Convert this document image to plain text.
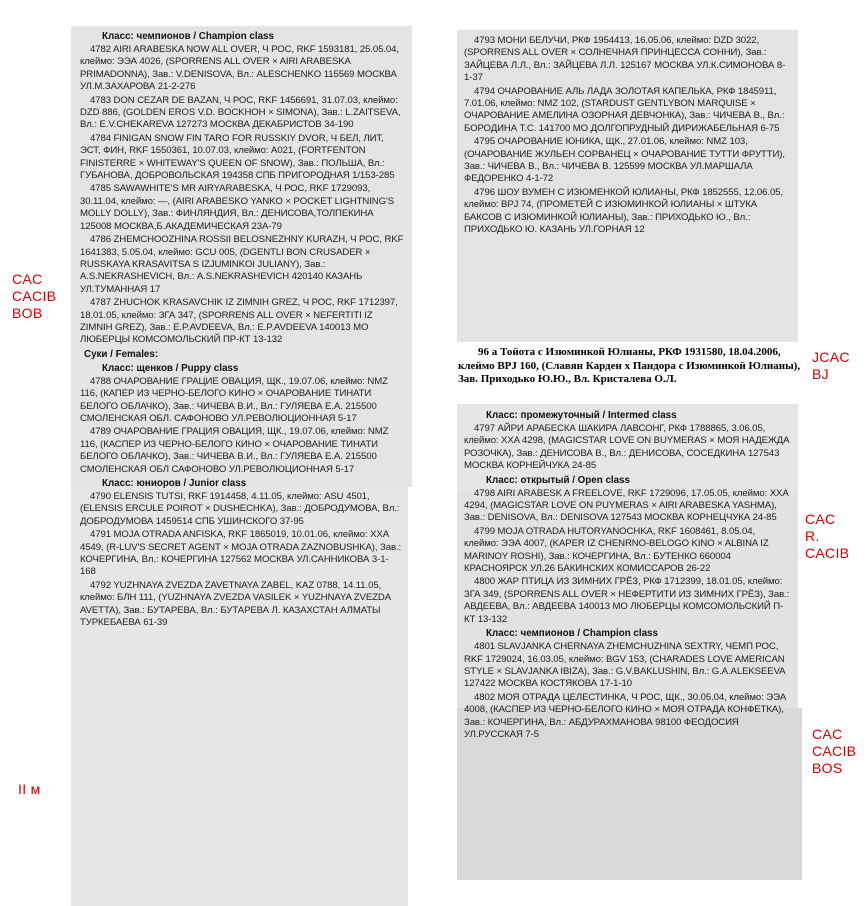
Класс: чемпионов / Champion class
4782 AIRI ARABESKA NOW ALL OVER, Ч РОС, RKF 1593181, 25.05.04, клеймо: ЭЭА 4026, (SPORRENS ALL OVER × AIRI ARABESKA PRIMADONNA), Зав.: V.DENISOVA, Вл.: ALESCHENKO 115569 МОСКВА УЛ.М.ЗАХАРОВА 21-2-276
4783 DON CEZAR DE BAZAN, Ч РОС, RKF 1456691, 31.07.03, клеймо: DZD 886, (GOLDEN EROS V.D. BOCKHOH × SIMONA), Зав.: L.ZAITSEVA, Вл.: E.V.CHEKAREVA 127273 МОСКВА ДЕКАБРИСТОВ 34-190
4784 FINIGAN SNOW FIN TARO FOR RUSSKIY DVOR, Ч БЕЛ, ЛИТ, ЭСТ, ФИН, RKF 1550361, 10.07.03, клеймо: A021, (FORTFENTON FINISTERRE × WHITEWAY'S QUEEN OF SNOW), Зав.: ПОЛЬША, Вл.: ГУБАНОВА, ДОБРОВОЛЬСКАЯ 194358 СПБ ПРИГОРОДНАЯ 1/153-285
4785 SAWAWHITE'S MR AIRYARABESKA, Ч РОС, RKF 1729093, 30.11.04, клеймо: —, (AIRI ARABESKO YANKO × POCKET LIGHTNING'S MOLLY DOLLY), Зав.: ФИНЛЯНДИЯ, Вл.: ДЕНИСОВА,ТОЛПЕКИНА 125008 МОСКВА,Б.АКАДЕМИЧЕСКАЯ 23А-79
4786 ZHEMCHOOZHINA ROSSII BELOSNEZHNY KURAZH, Ч РОС, RKF 1641383, 5.05.04, клеймо: GCU 005, (DGENTLI BON CRUSADER × RUSSKAYA KRASAVITSA S IZJUMINKOI JULIANY), Зав.: A.S.NEKRASHEVICH, Вл.: A.S.NEKRASHEVICH 420140 КАЗАНЬ УЛ.ТУМАННАЯ 17
4787 ZHUCHOK KRASAVCHIK IZ ZIMNIH GREZ, Ч РОС, RKF 1712397, 18.01.05, клеймо: ЗГА 347, (SPORRENS ALL OVER × NEFERTITI IZ ZIMNIH GREZ), Зав.: E.P.AVDEEVA, Вл.: E.P.AVDEEVA 140013 МО ЛЮБЕРЦЫ КОМСОМОЛЬСКИЙ ПР-КТ 13-132
Суки / Females:
Класс: щенков / Puppy class
4788 ОЧАРОВАНИЕ ГРАЦИЕ ОВАЦИЯ, ЩК., 19.07.06, клеймо: NMZ 116, (КАПЕР ИЗ ЧЕРНО-БЕЛОГО КИНО × ОЧАРОВАНИЕ ТИНАТИ БЕЛОГО ОБЛАЧКО), Зав.: ЧИЧЕВА В.И., Вл.: ГУЛЯЕВА Е.А. 215500 СМОЛЕНСКАЯ ОБЛ. САФОНОВО УЛ.РЕВОЛЮЦИОННАЯ 5-17
4789 ОЧАРОВАНИЕ ГРАЦИЯ ОВАЦИЯ, ЩК., 19.07.06, клеймо: NMZ 116, (КАСПЕР ИЗ ЧЕРНО-БЕЛОГО КИНО × ОЧАРОВАНИЕ ТИНАТИ БЕЛОГО ОБЛАЧКО), Зав.: ЧИЧЕВА В.И., Вл.: ГУЛЯЕВА Е.А. 215500 СМОЛЕНСКАЯ ОБЛ САФОНОВО УЛ.РЕВОЛЮЦИОННАЯ 5-17
Класс: юниоров / Junior class
4790 ELENSIS TUTSI, RKF 1914458, 4.11.05, клеймо: ASU 4501, (ELENSIS ERCULE POIROT × DUSHECHKA), Зав.: ДОБРОДУМОВА, Вл.: ДОБРОДУМОВА 1459514 СПБ УШИНСКОГО 37-95
4791 MOJA OTRADA ANFISKA, RKF 1865019, 10.01.06, клеймо: XXA 4549, (R-LUV'S SECRET AGENT × MOJA OTRADA ZAZNOBUSHKA), Зав.: КОЧЕРГИНА, Вл.: КОЧЕРГИНА 127562 МОСКВА УЛ.САННИКОВА 3-1-168
4792 YUZHNAYA ZVEZDA ZAVETNAYA ZABEL, KAZ 0788, 14.11.05, клеймо: БЛН 111, (YUZHNAYA ZVEZDA VASILEK × YUZHNAYA ZVEZDA AVETTA), Зав.: БУТАРЕВА, Вл.: БУТАРЕВА Л. КАЗАХСТАН АЛМАТЫ ТУРКЕБАЕВА 61-39
4793 МОНИ БЕЛУЧИ, РКФ 1954413, 16.05.06, клеймо: DZD 3022, (SPORRENS ALL OVER × СОЛНЕЧНАЯ ПРИНЦЕССА СОННИ), Зав.: ЗАЙЦЕВА Л.Л., Вл.: ЗАЙЦЕВА Л.Л. 125167 МОСКВА УЛ.К.СИМОНОВА 8-1-37
4794 ОЧАРОВАНИЕ АЛЬ ЛАДА ЗОЛОТАЯ КАПЕЛЬКА, РКФ 1845911, 7.01.06, клеймо: NMZ 102, (STARDUST GENTLYBON MARQUISE × ОЧАРОВАНИЕ АМЕЛИНА ОЗОРНАЯ ДЕВЧОНКА), Зав.: ЧИЧЕВА В., Вл.: БОРОДИНА Т.С. 141700 МО ДОЛГОПРУДНЫЙ ДИРИЖАБЕЛЬНАЯ 6-75
4795 ОЧАРОВАНИЕ ЮНИКА, ЩК., 27.01.06, клеймо: NMZ 103, (ОЧАРОВАНИЕ ЖУЛЬЕН СОРВАНЕЦ × ОЧАРОВАНИЕ ТУТТИ ФРУТТИ), Зав.: ЧИЧЕВА В., Вл.: ЧИЧЕВА В. 125599 МОСКВА УЛ.МАРШАЛА ФЕДОРЕНКО 4-1-72
4796 ШОУ ВУМЕН С ИЗЮМЕНКОЙ ЮЛИАНЫ, РКФ 1852555, 12.06.05, клеймо: BPJ 74, (ПРОМЕТЕЙ С ИЗЮМИНКОЙ ЮЛИАНЫ × ШТУКА БАКСОВ С ИЗЮМИНКОЙ ЮЛИАНЫ), Зав.: ПРИХОДЬКО Ю., Вл.: ПРИХОДЬКО Ю. КАЗАНЬ УЛ.ГОРНАЯ 12
96 а Тойота с Изюминкой Юлианы, РКФ 1931580, 18.04.2006, клеймо BPJ 160, (Славян Карден х Пандора с Изюминкой Юлианы), Зав. Приходько Ю.Ю., Вл. Кристалева О.Л.
Класс: промежуточный / Intermed class
4797 АЙРИ АРАБЕСКА ШАКИРА ЛАВСОНГ, РКФ 1788865, 3.06.05, клеймо: XXA 4298, (MAGICSTAR LOVE ON BUYMERAS × МОЯ НАДЕЖДА РОЗОЧКА), Зав.: ДЕНИСОВА В., Вл.: ДЕНИСОВА, СОСЕДКИНА 127543 МОСКВА КОРНЕЙЧУКА 24-85
Класс: открытый / Open class
4798 AIRI ARABESK A FREELOVE, RKF 1729096, 17.05.05, клеймо: XXA 4294, (MAGICSTAR LOVE ON PUYMERAS × AIRI ARABESKA YASHMA), Зав.: DENISOVA, Вл.: DENISOVA 127543 МОСКВА КОРНЕЦЧУКА 24-85
4799 MOJA OTRADA HUTORYANOCHKA, RKF 1608461, 8.05.04, клеймо: ЭЭА 4007, (KAPER IZ CHENRNO-BELOGO KINO × ALBINA IZ MARINOY ROSHI), Зав.: КОЧЕРГИНА, Вл.: БУТЕНКО 660004 КРАСНОЯРСК УЛ.26 БАКИНСКИХ КОМИССАРОВ 26-22
4800 ЖАР ПТИЦА ИЗ ЗИМНИХ ГРЁЗ, РКФ 1712399, 18.01.05, клеймо: ЗГА 349, (SPORRENS ALL OVER × НЕФЕРТИТИ ИЗ ЗИМНИХ ГРЁЗ), Зав.: АВДЕЕВА, Вл.: АВДЕЕВА 140013 МО ЛЮБЕРЦЫ КОМСОМОЛЬСКИЙ П-КТ 13-132
Класс: чемпионов / Champion class
4801 SLAVJANKA CHERNAYA ZHEMCHUZHINA SEXTRY, ЧЕМП РОС, RKF 1729024, 16.03.05, клеймо: BGV 153, (CHARADES LOVE AMERICAN STYLE × SLAVJANKA IBIZA), Зав.: G.V.BAKLUSHIN, Вл.: G.A.ALEKSEEVA 127422 МОСКВА КОСТЯКОВА 17-1-10
4802 МОЯ ОТРАДА ЦЕЛЕСТИНКА, Ч РОС, ЩК., 30.05.04, клеймо: ЭЭА 4008, (КАСПЕР ИЗ ЧЕРНО-БЕЛОГО КИНО × МОЯ ОТРАДА КОНФЕТКА), Зав.: КОЧЕРГИНА, Вл.: АБДУРАХМАНОВА 98100 ФЕОДОСИЯ УЛ.РУССКАЯ 7-5
CAC
CACIB
BOB
II м
JCAC
BJ
CAC
R.
CACIB
CAC
CACIB
BOS
